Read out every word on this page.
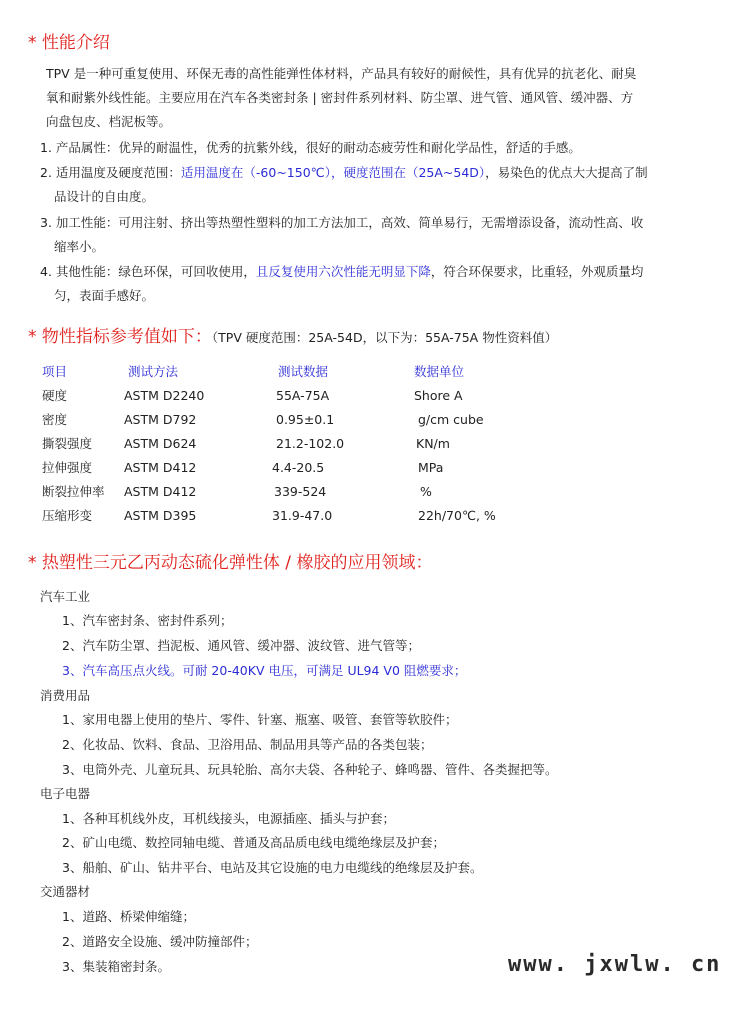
* 性能介绍
TPV 是一种可重复使用、环保无毒的高性能弹性体材料，产品具有较好的耐候性，具有优异的抗老化、耐臭
氧和耐紫外线性能。主要应用在汽车各类密封条 | 密封件系列材料、防尘罩、进气管、通风管、缓冲器、方
向盘包皮、档泥板等。
1. 产品属性：优异的耐温性，优秀的抗紫外线，很好的耐动态疲劳性和耐化学品性，舒适的手感。
2. 适用温度及硬度范围：适用温度在（-60~150℃），硬度范围在（25A~54D），易染色的优点大大提高了制
品设计的自由度。
3. 加工性能：可用注射、挤出等热塑性塑料的加工方法加工，高效、简单易行，无需增添设备，流动性高、收
缩率小。
4. 其他性能：绿色环保，可回收使用，且反复使用六次性能无明显下降，符合环保要求，比重轻，外观质量均
匀，表面手感好。
* 物性指标参考值如下：（TPV 硬度范围：25A-54D，以下为：55A-75A 物性资料值）
项目	测试方法	测试数据	数据单位
硬度	ASTM D2240	55A-75A	Shore A
密度	ASTM D792	0.95±0.1	g/cm cube
撕裂强度	ASTM D624	21.2-102.0	KN/m
拉伸强度	ASTM D412	4.4-20.5	MPa
断裂拉伸率 ASTM D412	339-524	%
压缩形变	ASTM D395	31.9-47.0	22h/70℃, %
* 热塑性三元乙丙动态硫化弹性体 / 橡胶的应用领域：
汽车工业
1、汽车密封条、密封件系列；
2、汽车防尘罩、挡泥板、通风管、缓冲器、波纹管、进气管等；
3、汽车高压点火线。可耐 20-40KV 电压，可满足 UL94 V0 阻燃要求；
消费用品
1、家用电器上使用的垫片、零件、针塞、瓶塞、吸管、套管等软胶件；
2、化妆品、饮料、食品、卫浴用品、制品用具等产品的各类包装；
3、电筒外壳、儿童玩具、玩具轮胎、高尔夫袋、各种轮子、蜂鸣器、管件、各类握把等。
电子电器
1、各种耳机线外皮，耳机线接头，电源插座、插头与护套；
2、矿山电缆、数控同轴电缆、普通及高品质电线电缆绝缘层及护套；
3、船舶、矿山、钻井平台、电站及其它设施的电力电缆线的绝缘层及护套。
交通器材
1、道路、桥梁伸缩缝；
2、道路安全设施、缓冲防撞部件；
3、集装箱密封条。	www. jxwlw. cn
